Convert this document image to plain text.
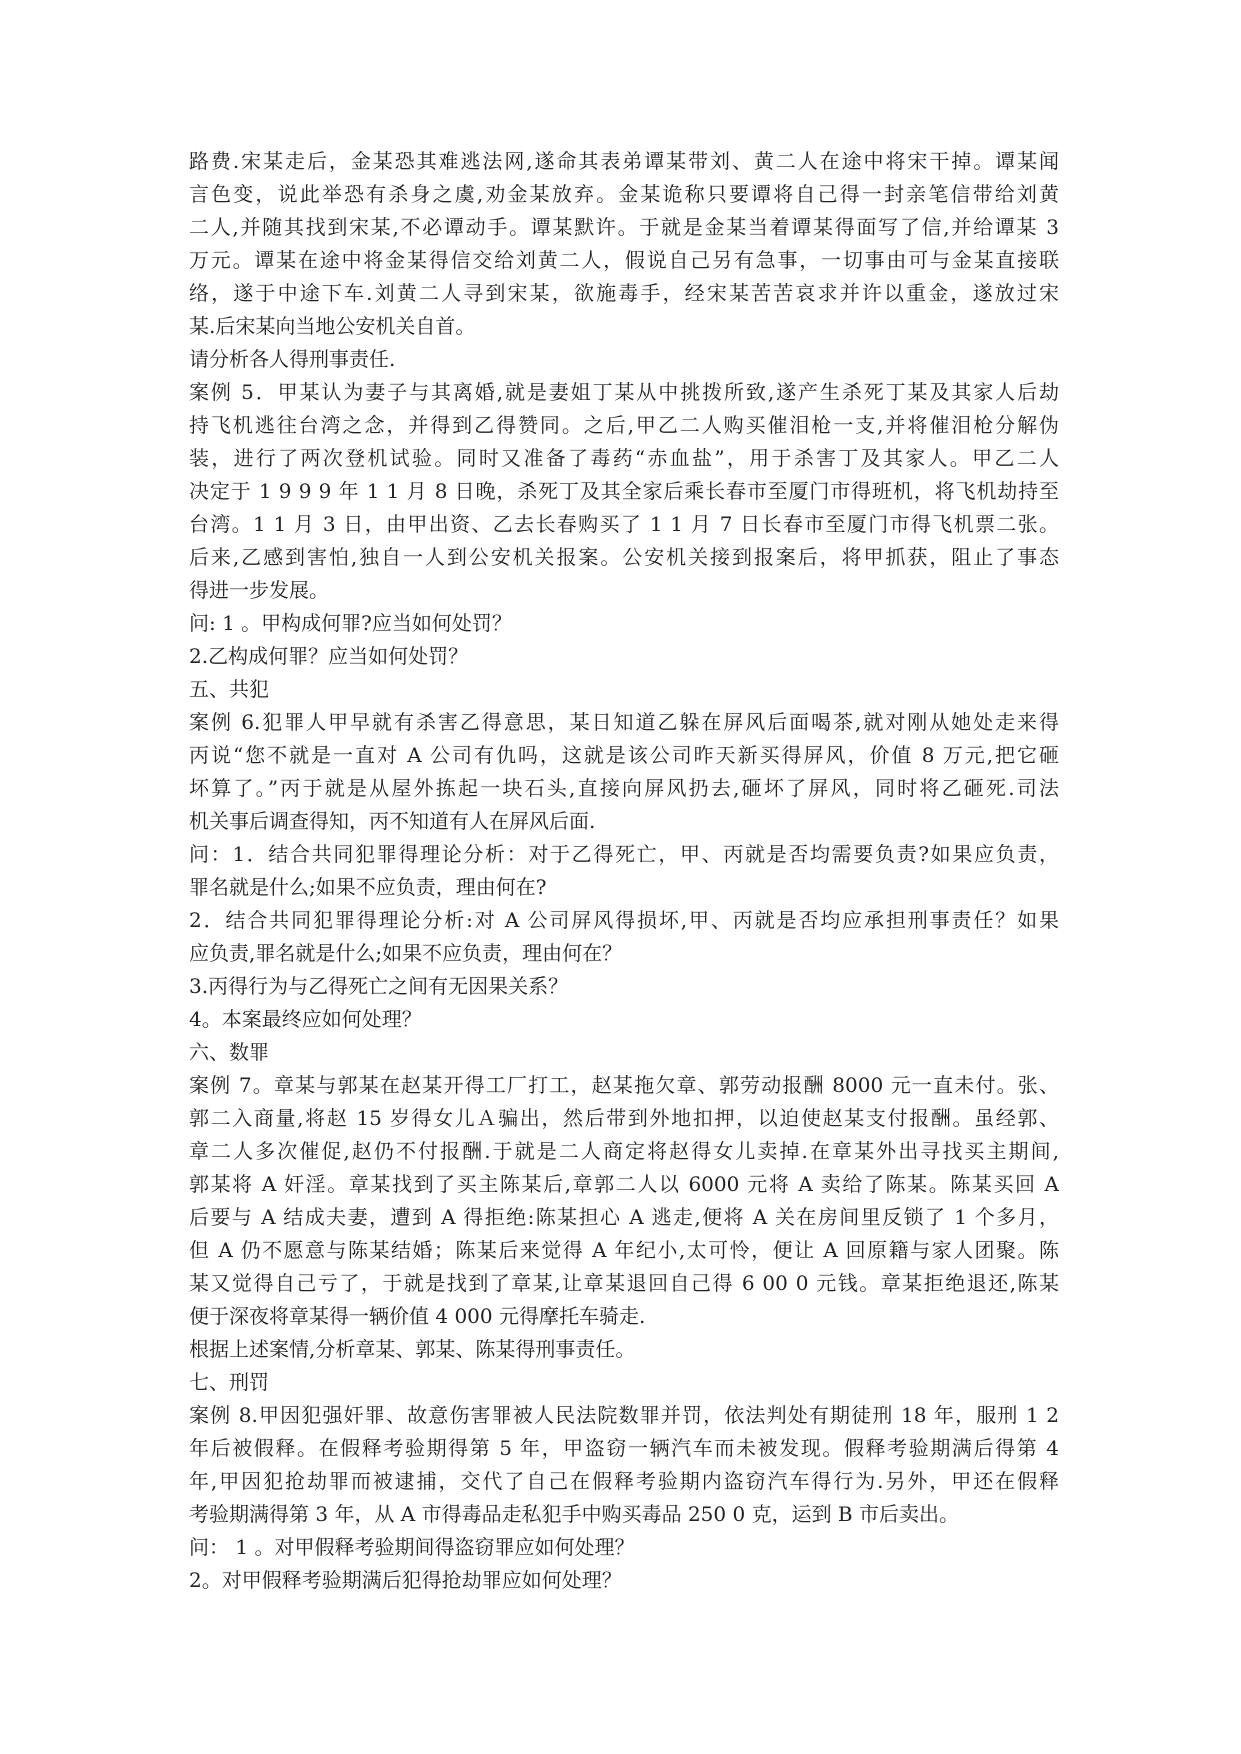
路费.宋某走后，金某恐其难逃法网,遂命其表弟谭某带刘、黄二人在途中将宋干掉。谭某闻
言色变，说此举恐有杀身之虞,劝金某放弃。金某诡称只要谭将自己得一封亲笔信带给刘黄
二人,并随其找到宋某,不必谭动手。谭某默许。于就是金某当着谭某得面写了信,并给谭某 3
万元。谭某在途中将金某得信交给刘黄二人，假说自己另有急事，一切事由可与金某直接联
络，遂于中途下车.刘黄二人寻到宋某，欲施毒手，经宋某苦苦哀求并许以重金，遂放过宋
某.后宋某向当地公安机关自首。
请分析各人得刑事责任.
案例 5．甲某认为妻子与其离婚,就是妻姐丁某从中挑拨所致,遂产生杀死丁某及其家人后劫
持飞机逃往台湾之念，并得到乙得赞同。之后,甲乙二人购买催泪枪一支,并将催泪枪分解伪
装，进行了两次登机试验。同时又准备了毒药“赤血盐”，用于杀害丁及其家人。甲乙二人
决定于 1 9 9 9 年 1 1 月 8 日晚，杀死丁及其全家后乘长春市至厦门市得班机，将飞机劫持至
台湾。1 1 月 3 日，由甲出资、乙去长春购买了 1 1 月 7 日长春市至厦门市得飞机票二张。
后来,乙感到害怕,独自一人到公安机关报案。公安机关接到报案后，将甲抓获，阻止了事态
得进一步发展。
问: 1 。甲构成何罪?应当如何处罚？
2.乙构成何罪？应当如何处罚？
五、共犯
案例 6.犯罪人甲早就有杀害乙得意思，某日知道乙躲在屏风后面喝茶,就对刚从她处走来得
丙说“您不就是一直对 A 公司有仇吗，这就是该公司昨天新买得屏风，价值 8 万元,把它砸
坏算了。”丙于就是从屋外拣起一块石头,直接向屏风扔去,砸坏了屏风，同时将乙砸死.司法
机关事后调查得知，丙不知道有人在屏风后面.
问：1．结合共同犯罪得理论分析：对于乙得死亡，甲、丙就是否均需要负责?如果应负责，
罪名就是什么;如果不应负责，理由何在?
2．结合共同犯罪得理论分析:对 A 公司屏风得损坏,甲、丙就是否均应承担刑事责任？如果
应负责,罪名就是什么;如果不应负责，理由何在？
3.丙得行为与乙得死亡之间有无因果关系？
4。本案最终应如何处理？
六、数罪
案例 7。章某与郭某在赵某开得工厂打工，赵某拖欠章、郭劳动报酬 8000 元一直未付。张、
郭二入商量,将赵 15 岁得女儿Ａ骗出，然后带到外地扣押，以迫使赵某支付报酬。虽经郭、
章二人多次催促,赵仍不付报酬.于就是二人商定将赵得女儿卖掉.在章某外出寻找买主期间,
郭某将 A 奸淫。章某找到了买主陈某后,章郭二人以 6000 元将 A 卖给了陈某。陈某买回 A
后要与 A 结成夫妻，遭到 A 得拒绝:陈某担心 A 逃走,便将 A 关在房间里反锁了 1 个多月，
但 A 仍不愿意与陈某结婚；陈某后来觉得 A 年纪小,太可怜，便让 A 回原籍与家人团聚。陈
某又觉得自己亏了，于就是找到了章某,让章某退回自己得 6 00 0 元钱。章某拒绝退还,陈某
便于深夜将章某得一辆价值 4 000 元得摩托车骑走.
根据上述案情,分析章某、郭某、陈某得刑事责任。
七、刑罚
案例 8.甲因犯强奸罪、故意伤害罪被人民法院数罪并罚，依法判处有期徒刑 18 年，服刑 1 2
年后被假释。在假释考验期得第 5 年，甲盗窃一辆汽车而未被发现。假释考验期满后得第 4
年,甲因犯抢劫罪而被逮捕，交代了自己在假释考验期内盗窃汽车得行为.另外，甲还在假释
考验期满得第 3 年，从 A 市得毒品走私犯手中购买毒品 250 0 克，运到 B 市后卖出。
问： 1 。对甲假释考验期间得盗窃罪应如何处理？
2。对甲假释考验期满后犯得抢劫罪应如何处理？
